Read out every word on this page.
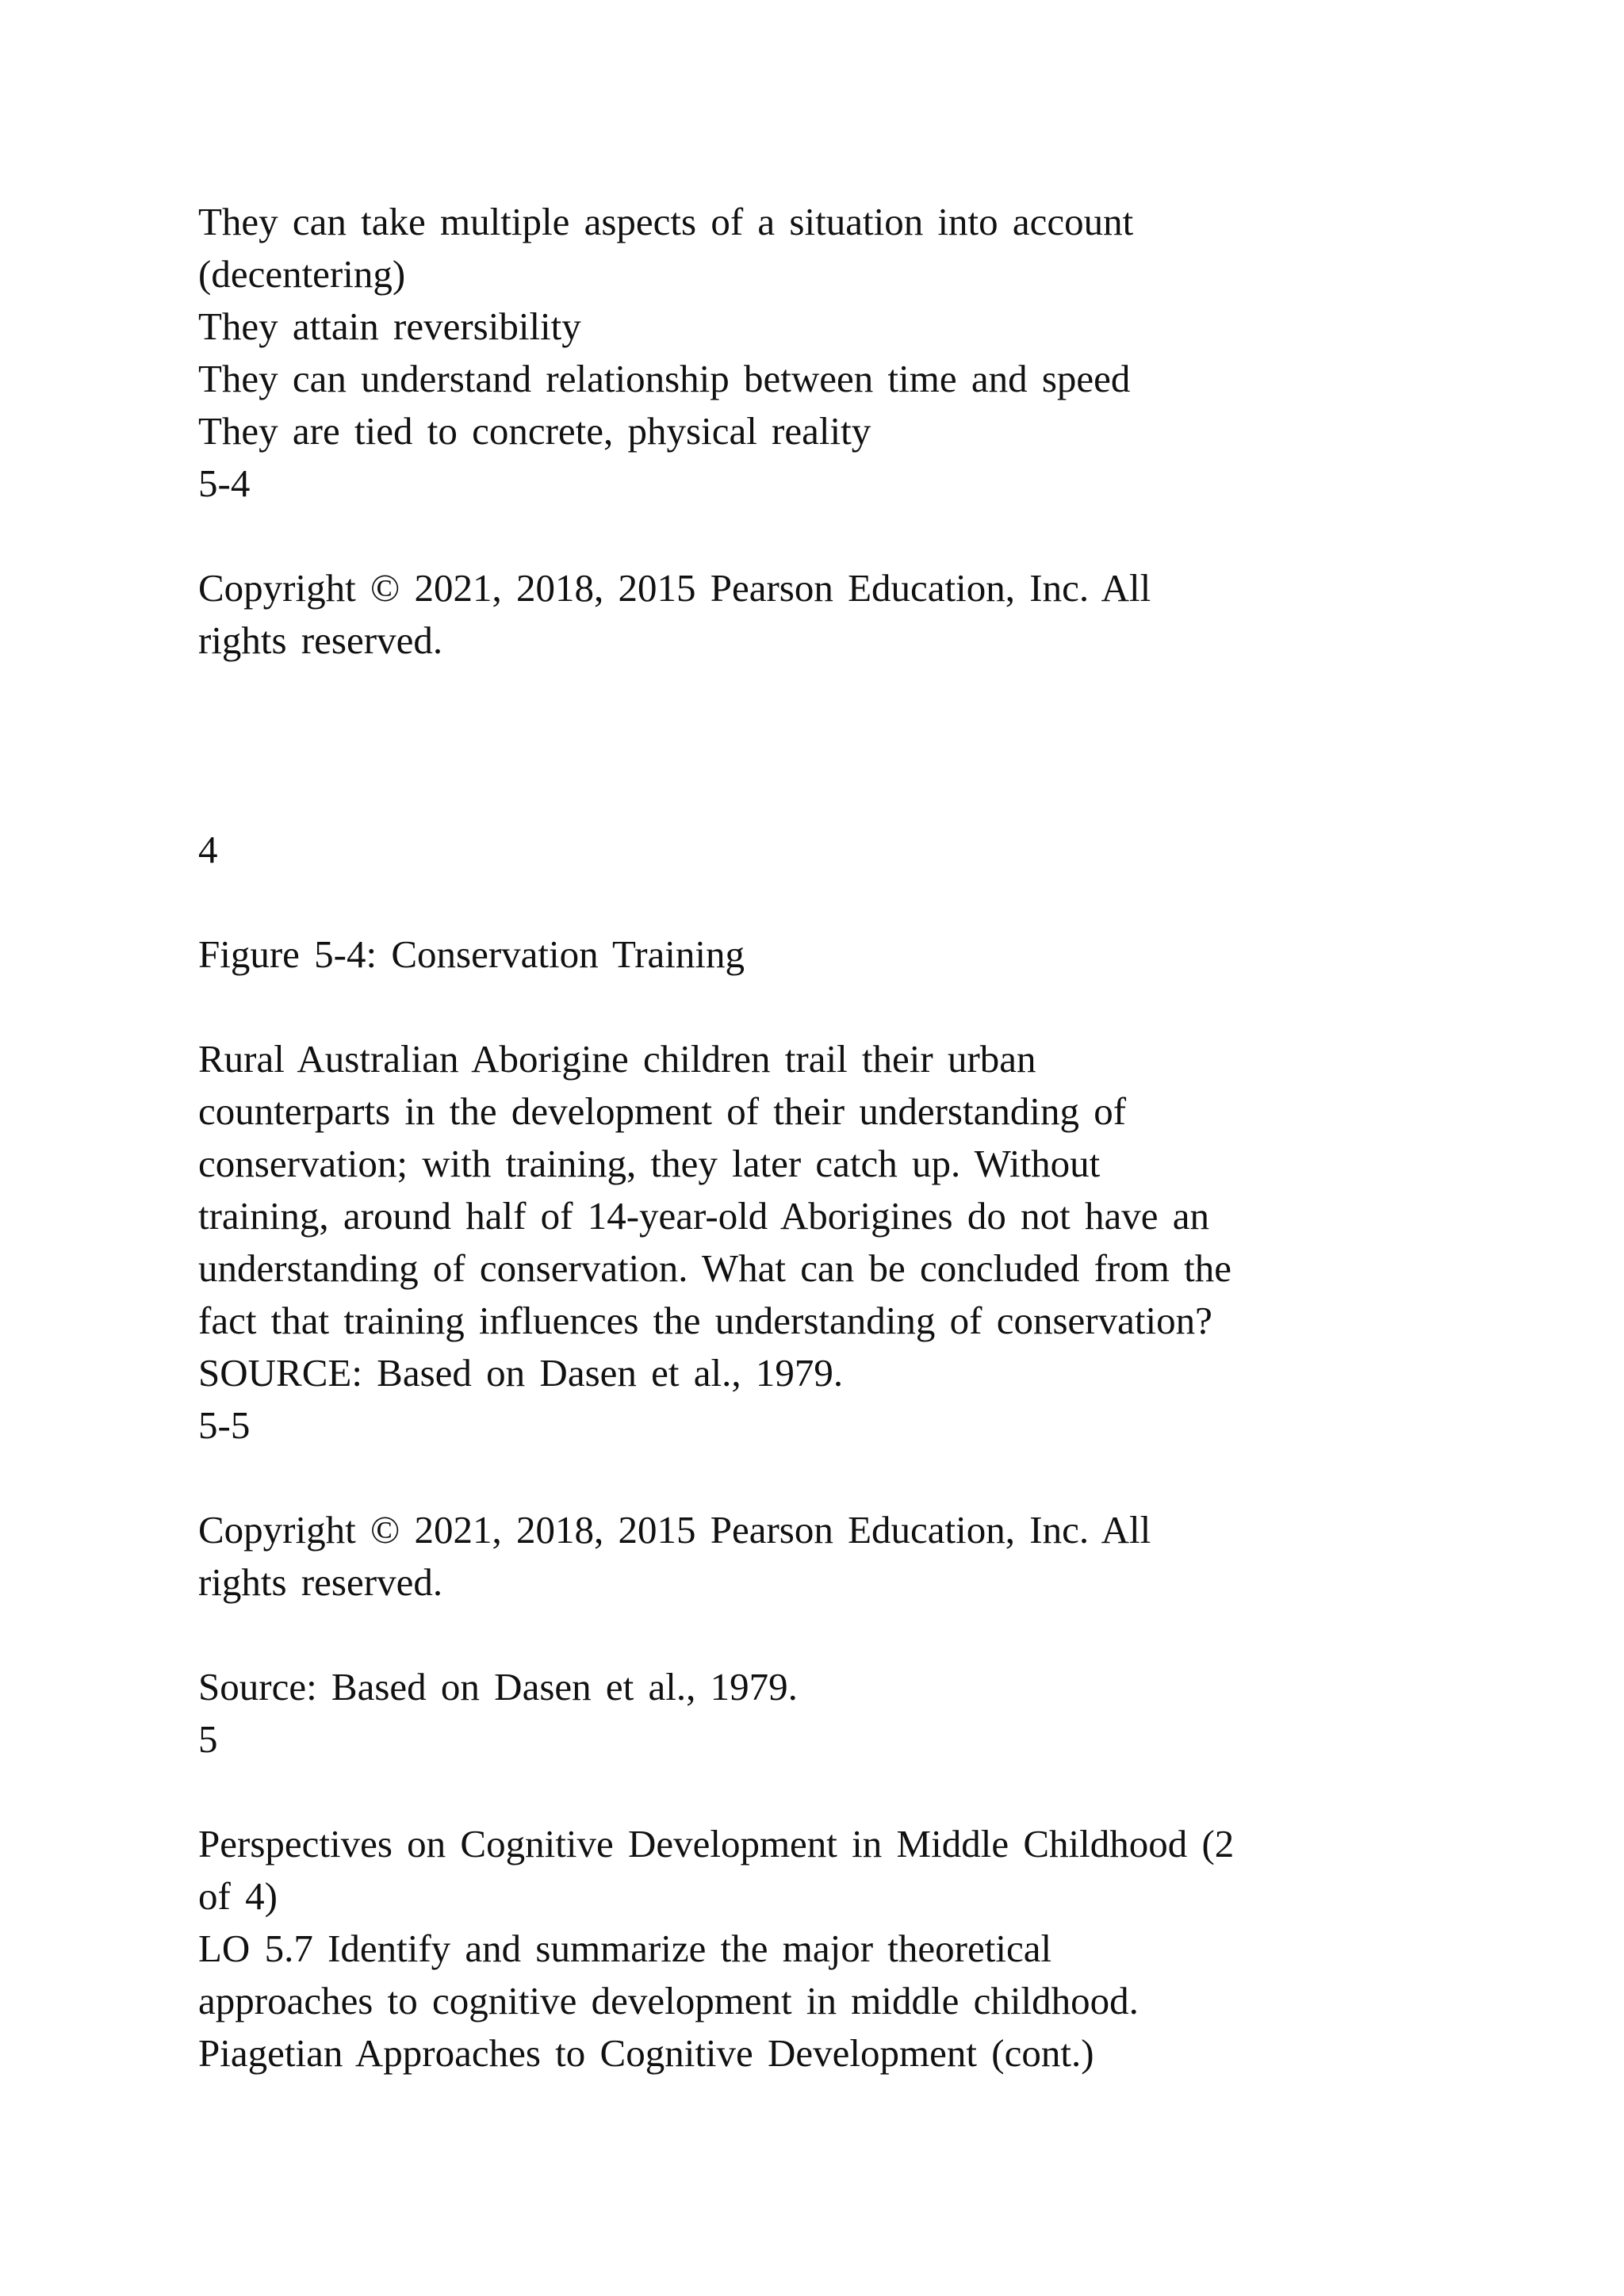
They can take multiple aspects of a situation into account

(decentering)

They attain reversibility

They can understand relationship between time and speed

They are tied to concrete, physical reality

5-4

Copyright © 2021, 2018, 2015 Pearson Education, Inc. All

rights reserved.

4

Figure 5-4: Conservation Training

Rural Australian Aborigine children trail their urban

counterparts in the development of their understanding of

conservation; with training, they later catch up. Without

training, around half of 14-year-old Aborigines do not have an

understanding of conservation. What can be concluded from the

fact that training influences the understanding of conservation?

SOURCE: Based on Dasen et al., 1979.

5-5

Copyright © 2021, 2018, 2015 Pearson Education, Inc. All

rights reserved.

Source: Based on Dasen et al., 1979.

5

Perspectives on Cognitive Development in Middle Childhood (2

of 4)

LO 5.7 Identify and summarize the major theoretical

approaches to cognitive development in middle childhood.

Piagetian Approaches to Cognitive Development (cont.)
